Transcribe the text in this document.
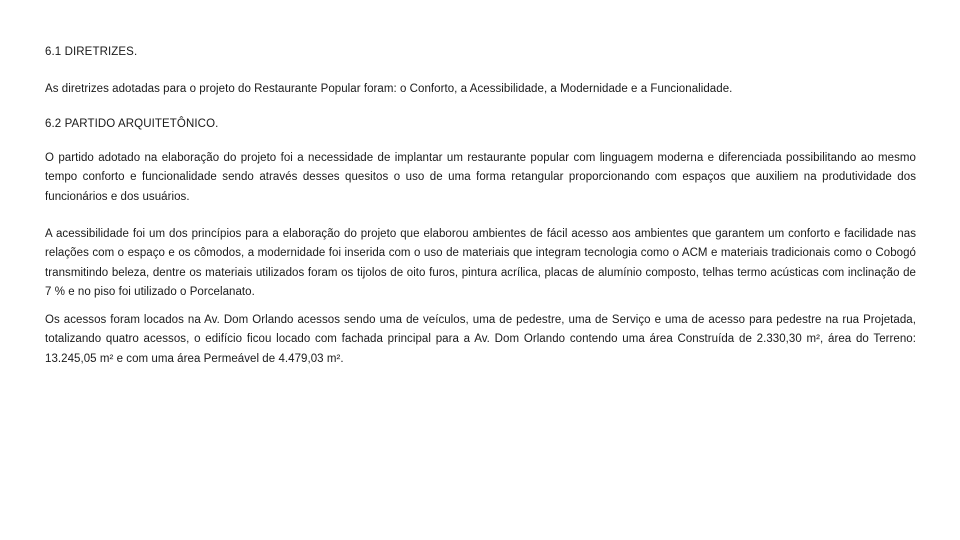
6.1 DIRETRIZES.

As diretrizes adotadas para o projeto do Restaurante Popular foram: o Conforto, a Acessibilidade, a Modernidade e a Funcionalidade.

6.2 PARTIDO ARQUITETÔNICO.

O partido adotado na elaboração do projeto foi a necessidade de implantar um restaurante popular com linguagem moderna e diferenciada possibilitando ao mesmo tempo conforto e funcionalidade sendo através desses quesitos o uso de uma forma retangular proporcionando com espaços que auxiliem na produtividade dos funcionários e dos usuários.

A acessibilidade foi um dos princípios para a elaboração do projeto que elaborou ambientes de fácil acesso aos ambientes que garantem um conforto e facilidade nas relações com o espaço e os cômodos, a modernidade foi inserida com o uso de materiais que integram tecnologia como o ACM e materiais tradicionais como o Cobogó transmitindo beleza, dentre os materiais utilizados foram os tijolos de oito furos, pintura acrílica, placas de alumínio composto, telhas termo acústicas com inclinação de 7 % e no piso foi utilizado o Porcelanato.

Os acessos foram locados na Av. Dom Orlando acessos sendo uma de veículos, uma de pedestre, uma de Serviço e uma de acesso para pedestre na rua Projetada, totalizando quatro acessos, o edifício ficou locado com fachada principal para a Av. Dom Orlando contendo uma área Construída de 2.330,30 m², área do Terreno: 13.245,05 m² e com uma área Permeável de 4.479,03 m².
